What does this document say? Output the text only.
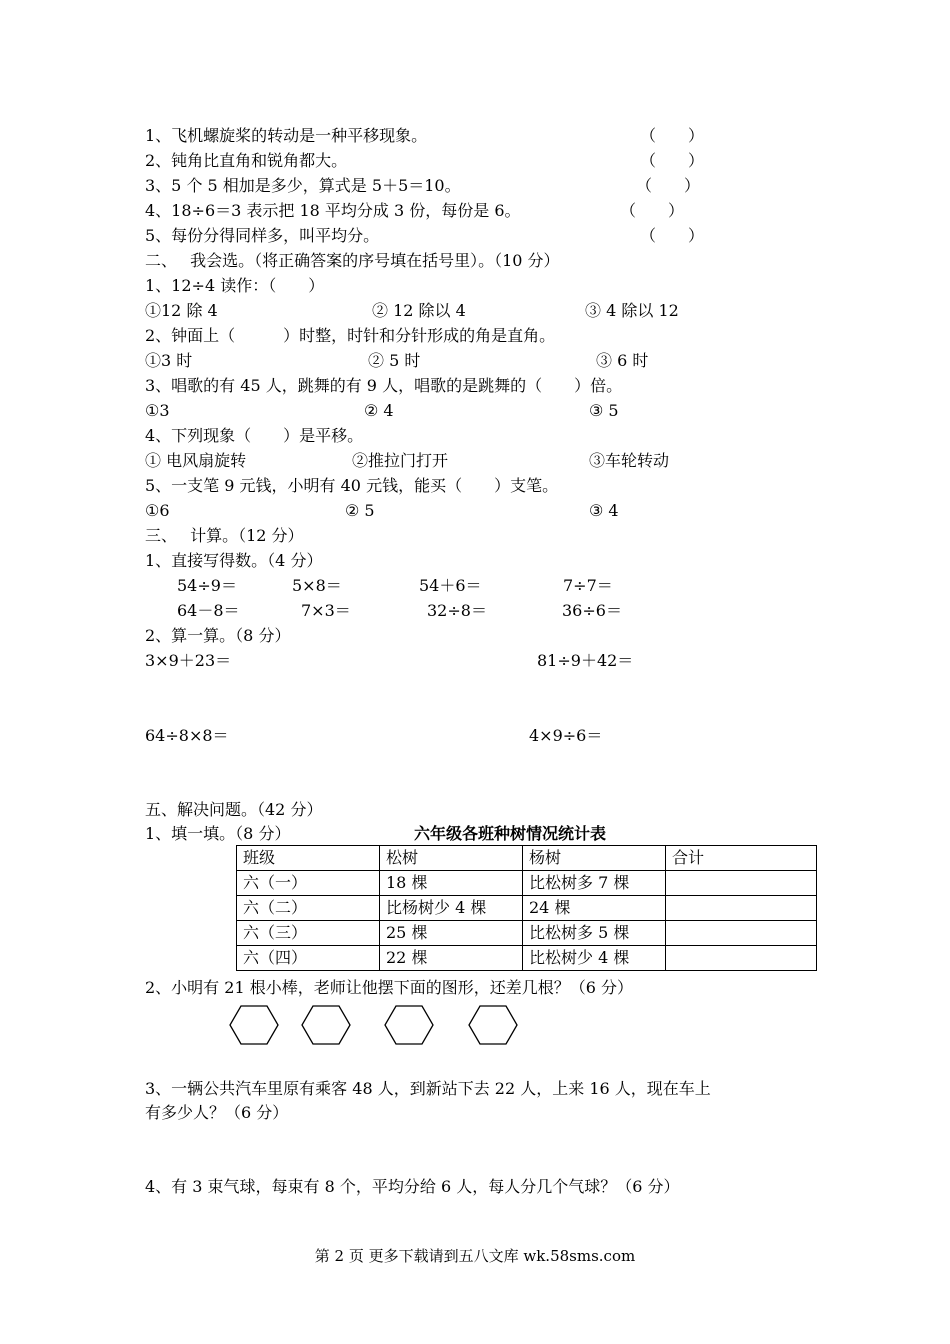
1、飞机螺旋桨的转动是一种平移现象。	（　　）
2、钝角比直角和锐角都大。	（　　）
3、5 个 5 相加是多少，算式是 5＋5＝10。	（　　）
4、18÷6＝3 表示把 18 平均分成 3 份，每份是 6。	（　　）
5、每份分得同样多，叫平均分。	（　　）
二、　 我会选。（将正确答案的序号填在括号里）。（10 分）
1、12÷4 读作：（　　）
①12 除 4	② 12 除以 4	③ 4 除以 12
2、钟面上（　　　）时整，时针和分针形成的角是直角。
①3 时	② 5 时	③ 6 时
3、唱歌的有 45 人，跳舞的有 9 人，唱歌的是跳舞的（　　）倍。
①3	② 4	③ 5
4、下列现象（　　）是平移。
① 电风扇旋转	②推拉门打开	③车轮转动
5、一支笔 9 元钱，小明有 40 元钱，能买（　　）支笔。
①6	② 5	③ 4
三、　 计算。（12 分）
1、直接写得数。（4 分）
54÷9＝	5×8＝	54＋6＝	7÷7＝
64－8＝	7×3＝	32÷8＝	36÷6＝
2、算一算。（8 分）
3×9＋23＝	81÷9＋42＝
64÷8×8＝	4×9÷6＝
五、解决问题。（42 分）
1、填一填。（8 分）	六年级各班种树情况统计表
班级	松树	杨树	合计
六（一）	18 棵	比松树多 7 棵	
六（二）	比杨树少 4 棵	24 棵	
六（三）	25 棵	比松树多 5 棵	
六（四）	22 棵	比松树少 4 棵	
2、小明有 21 根小棒，老师让他摆下面的图形，还差几根？（6 分）
3、一辆公共汽车里原有乘客 48 人，到新站下去 22 人，上来 16 人，现在车上
有多少人？（6 分）
4、有 3 束气球，每束有 8 个，平均分给 6 人，每人分几个气球？（6 分）
第 2 页 更多下载请到五八文库 wk.58sms.com
